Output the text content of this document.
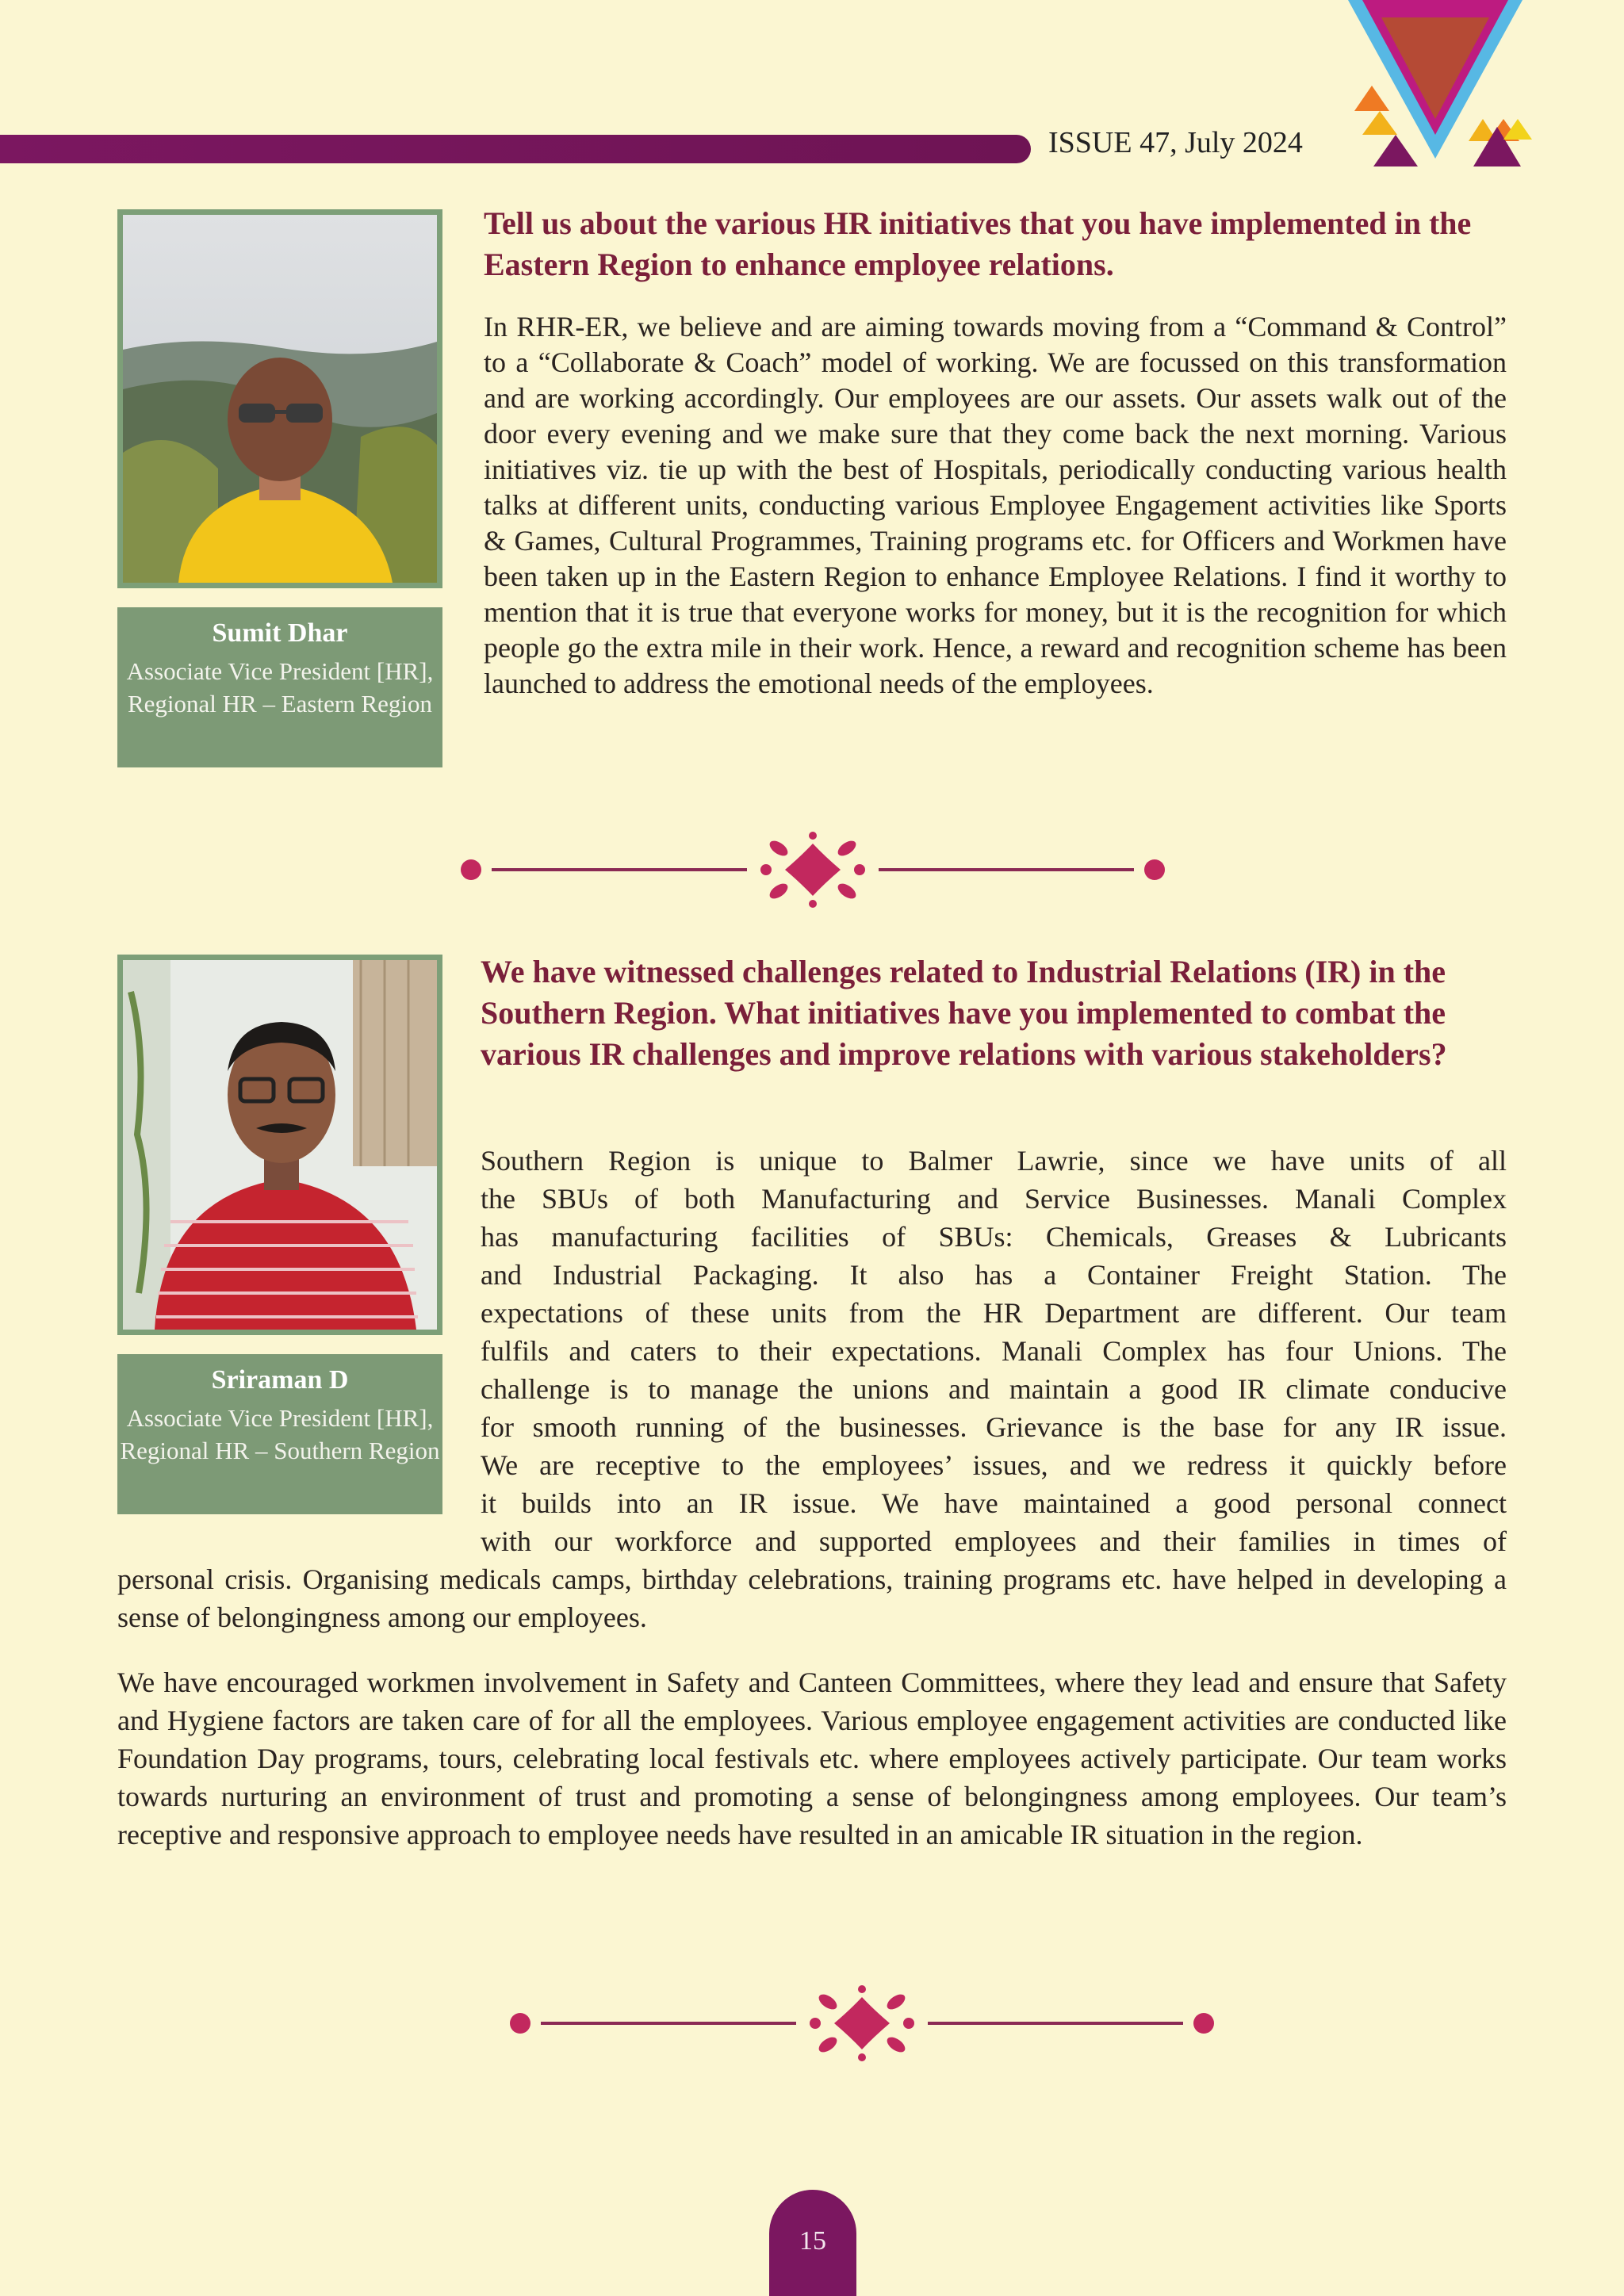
ISSUE 47, July 2024
Sumit Dhar
Associate Vice President [HR], Regional HR – Eastern Region
Tell us about the various HR initiatives that you have implemented in the Eastern Region to enhance employee relations.
In RHR-ER, we believe and are aiming towards moving from a “Command & Control” to a “Collaborate & Coach” model of working. We are focussed on this transformation and are working accordingly. Our employees are our assets. Our assets walk out of the door every evening and we make sure that they come back the next morning. Various initiatives viz. tie up with the best of Hospitals, periodically conducting various health talks at different units, conducting various Employee Engagement activities like Sports & Games, Cultural Programmes, Training programs etc. for Officers and Workmen have been taken up in the Eastern Region to enhance Employee Relations. I find it worthy to mention that it is true that everyone works for money, but it is the recognition for which people go the extra mile in their work. Hence, a reward and recognition scheme has been launched to address the emotional needs of the employees.
Sriraman D
Associate Vice President [HR], Regional HR – Southern Region
We have witnessed challenges related to Industrial Relations (IR) in the Southern Region. What initiatives have you implemented to combat the various IR challenges and improve relations with various stakeholders?
Southern Region is unique to Balmer Lawrie, since we have units of all
the SBUs of both Manufacturing and Service Businesses. Manali Complex
has manufacturing facilities of SBUs: Chemicals, Greases & Lubricants
and Industrial Packaging. It also has a Container Freight Station. The
expectations of these units from the HR Department are different. Our team
fulfils and caters to their expectations. Manali Complex has four Unions. The
challenge is to manage the unions and maintain a good IR climate conducive
for smooth running of the businesses. Grievance is the base for any IR issue.
We are receptive to the employees’ issues, and we redress it quickly before
it builds into an IR issue. We have maintained a good personal connect
with our workforce and supported employees and their families in times of

personal crisis. Organising medicals camps, birthday celebrations, training programs etc. have helped in developing a sense of belongingness among our employees.

We have encouraged workmen involvement in Safety and Canteen Committees, where they lead and ensure that Safety and Hygiene factors are taken care of for all the employees. Various employee engagement activities are conducted like Foundation Day programs, tours, celebrating local festivals etc. where employees actively participate. Our team works towards nurturing an environment of trust and promoting a sense of belongingness among employees. Our team’s receptive and responsive approach to employee needs have resulted in an amicable IR situation in the region.
15
